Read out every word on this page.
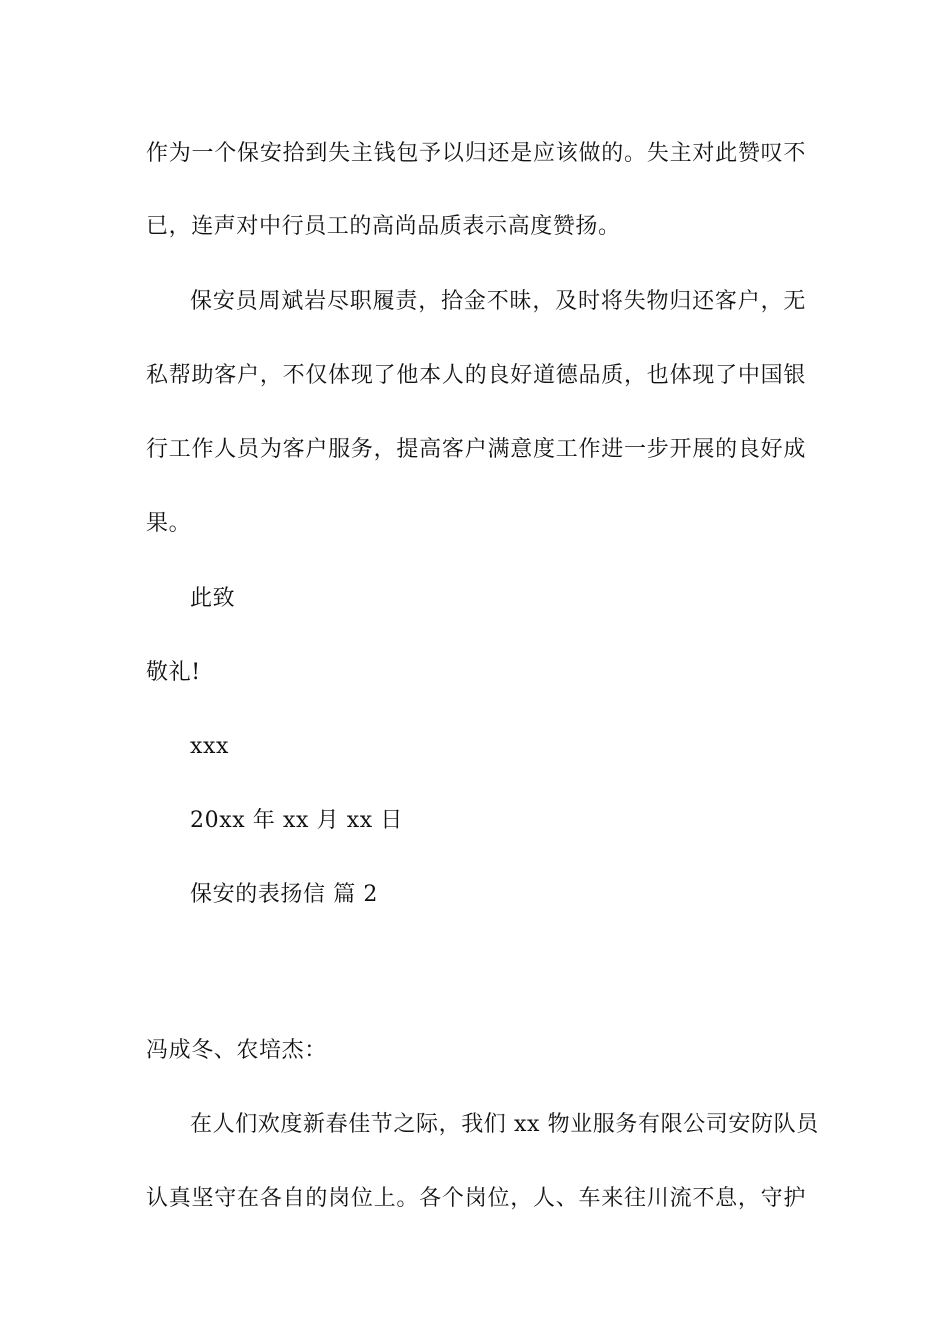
作为一个保安拾到失主钱包予以归还是应该做的。失主对此赞叹不
已，连声对中行员工的高尚品质表示高度赞扬。
保安员周斌岩尽职履责，拾金不昧，及时将失物归还客户，无
私帮助客户，不仅体现了他本人的良好道德品质，也体现了中国银
行工作人员为客户服务，提高客户满意度工作进一步开展的良好成
果。
此致
敬礼!
xxx
20xx 年 xx 月 xx 日
保安的表扬信 篇 2
冯成冬、农培杰：
在人们欢度新春佳节之际，我们 xx 物业服务有限公司安防队员
认真坚守在各自的岗位上。各个岗位，人、车来往川流不息，守护
